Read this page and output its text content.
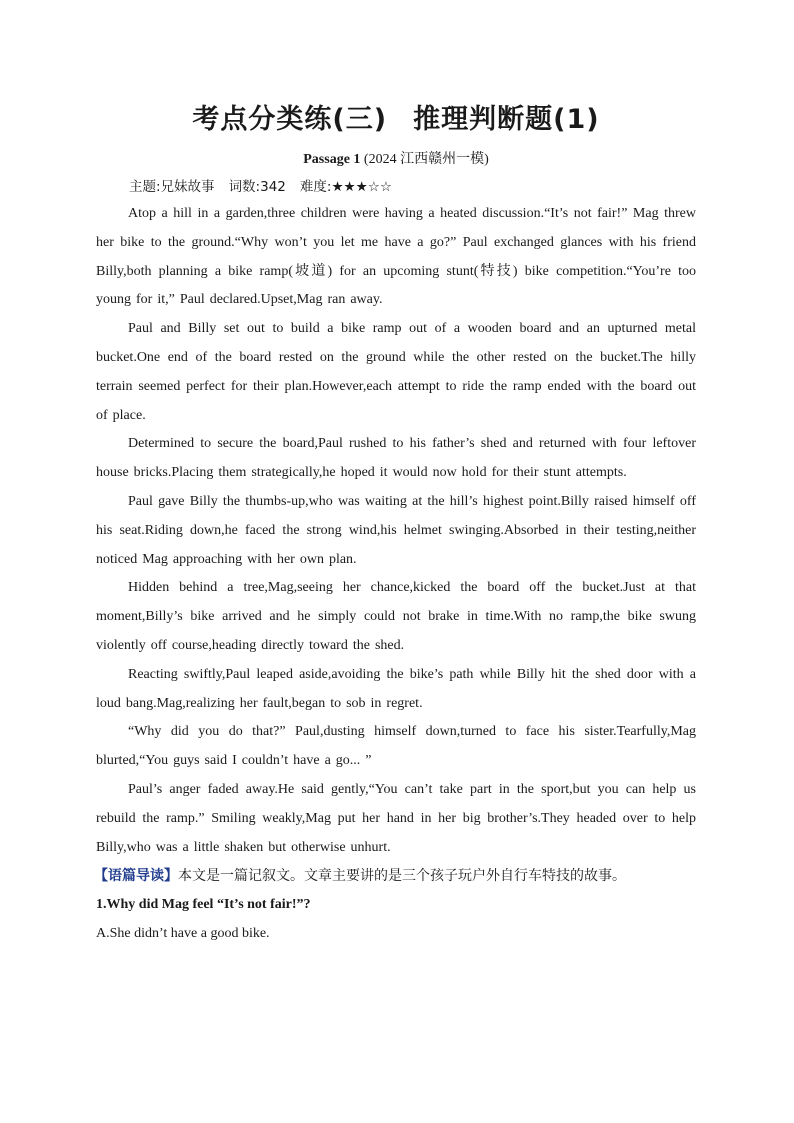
考点分类练(三) 推理判断题(1)
Passage 1 (2024 江西赣州一模)
主题:兄妹故事 词数:342 难度:★★★☆☆

Atop a hill in a garden,three children were having a heated discussion.“It’s not fair!” Mag threw her bike to the ground.“Why won’t you let me have a go?” Paul exchanged glances with his friend Billy,both planning a bike ramp(坡道) for an upcoming stunt(特技) bike competition.“You’re too young for it,” Paul declared.Upset,Mag ran away.

Paul and Billy set out to build a bike ramp out of a wooden board and an upturned metal bucket.One end of the board rested on the ground while the other rested on the bucket.The hilly terrain seemed perfect for their plan.However,each attempt to ride the ramp ended with the board out of place.

Determined to secure the board,Paul rushed to his father’s shed and returned with four leftover house bricks.Placing them strategically,he hoped it would now hold for their stunt attempts.

Paul gave Billy the thumbs-up,who was waiting at the hill’s highest point.Billy raised himself off his seat.Riding down,he faced the strong wind,his helmet swinging.Absorbed in their testing,neither noticed Mag approaching with her own plan.

Hidden behind a tree,Mag,seeing her chance,kicked the board off the bucket.Just at that moment,Billy’s bike arrived and he simply could not brake in time.With no ramp,the bike swung violently off course,heading directly toward the shed.

Reacting swiftly,Paul leaped aside,avoiding the bike’s path while Billy hit the shed door with a loud bang.Mag,realizing her fault,began to sob in regret.

“Why did you do that?” Paul,dusting himself down,turned to face his sister.Tearfully,Mag blurted,“You guys said I couldn’t have a go... ”

Paul’s anger faded away.He said gently,“You can’t take part in the sport,but you can help us rebuild the ramp.” Smiling weakly,Mag put her hand in her big brother’s.They headed over to help Billy,who was a little shaken but otherwise unhurt.

【语篇导读】本文是一篇记叙文。文章主要讲的是三个孩子玩户外自行车特技的故事。

1.Why did Mag feel “It’s not fair!”?

A.She didn’t have a good bike.
